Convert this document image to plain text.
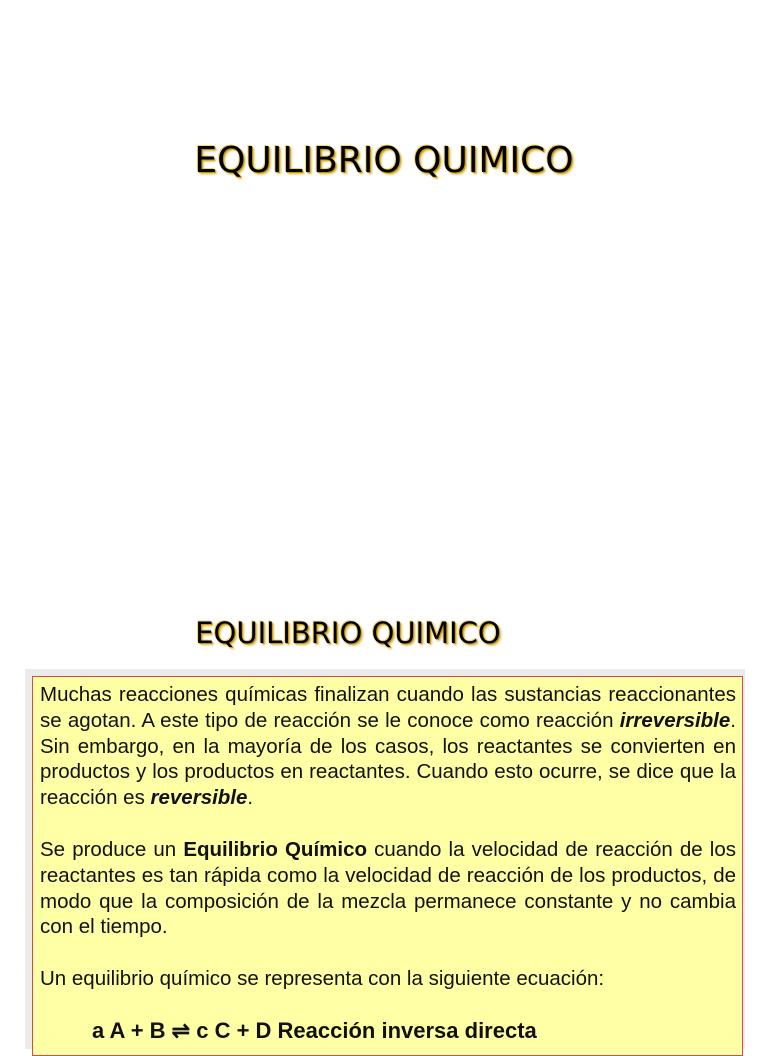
EQUILIBRIO QUIMICO
EQUILIBRIO QUIMICO

Muchas reacciones químicas finalizan cuando las sustancias reaccionantes se agotan. A este tipo de reacción se le conoce como reacción irreversible. Sin embargo, en la mayoría de los casos, los reactantes se convierten en productos y los productos en reactantes. Cuando esto ocurre, se dice que la reacción es reversible.

Se produce un Equilibrio Químico cuando la velocidad de reacción de los reactantes es tan rápida como la velocidad de reacción de los productos, de modo que la composición de la mezcla permanece constante y no cambia con el tiempo.

Un equilibrio químico se representa con la siguiente ecuación:

a A + B ⇌ c C + D Reacción inversa directa
